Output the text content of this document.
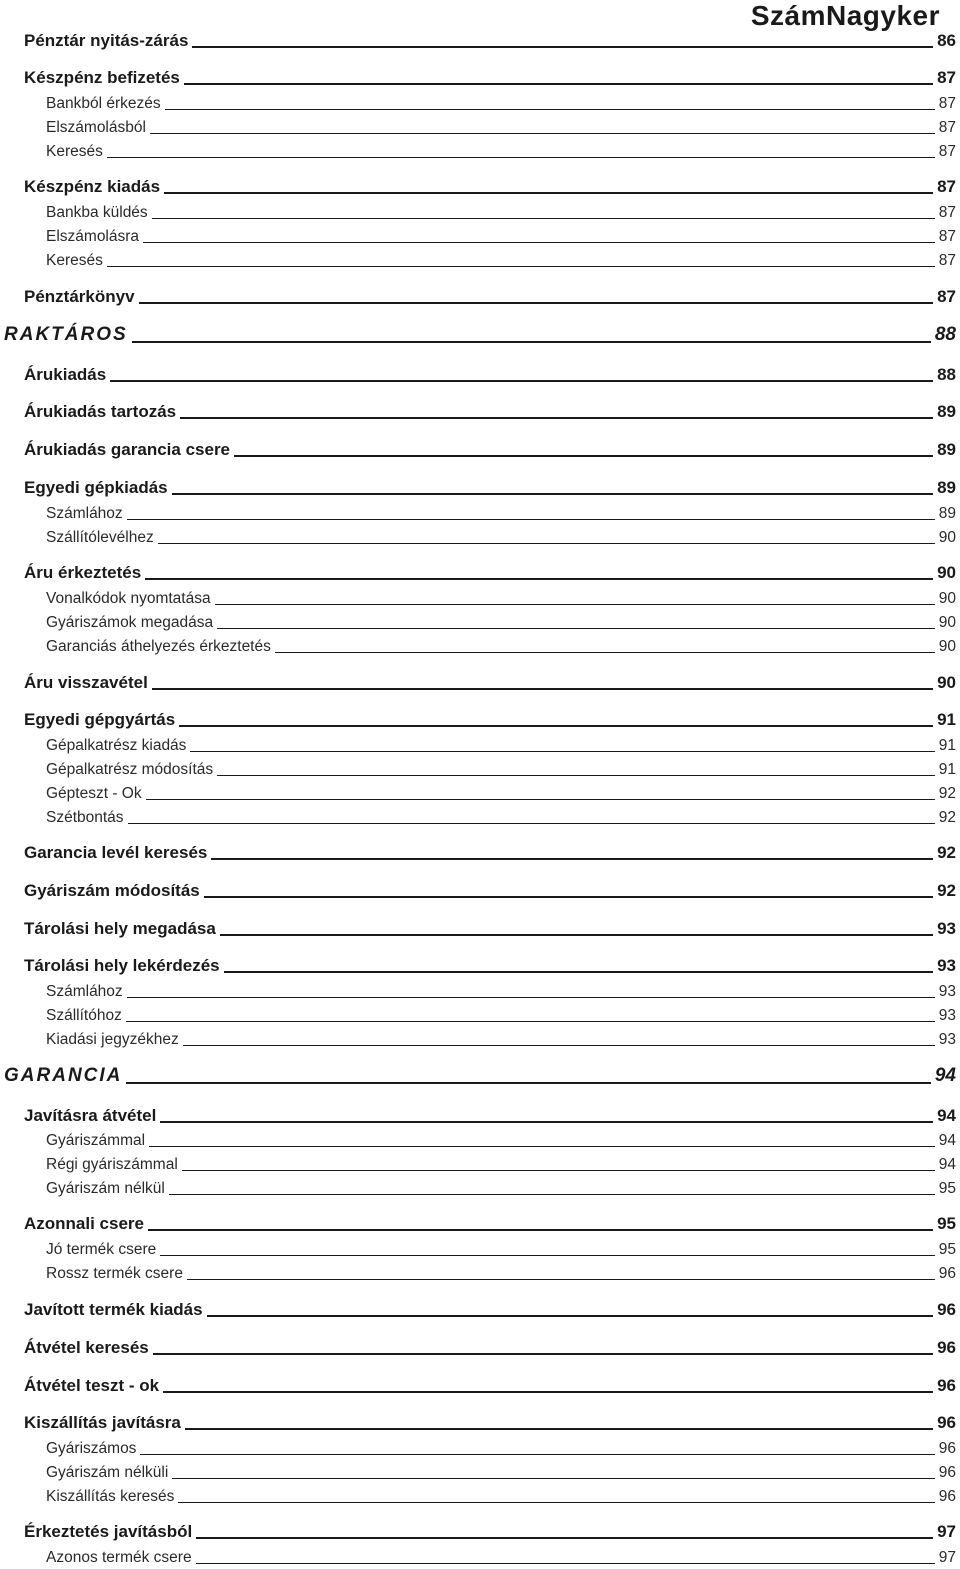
SzámNagyker
Pénztár nyitás-zárás	86
Készpénz befizetés	87
Bankból érkezés	87
Elszámolásból	87
Keresés	87
Készpénz kiadás	87
Bankba küldés	87
Elszámolásra	87
Keresés	87
Pénztárkönyv	87
RAKTÁROS	88
Árukiadás	88
Árukiadás tartozás	89
Árukiadás garancia csere	89
Egyedi gépkiadás	89
Számlához	89
Szállítólevélhez	90
Áru érkeztetés	90
Vonalkódok nyomtatása	90
Gyáriszámok megadása	90
Garanciás áthelyezés érkeztetés	90
Áru visszavétel	90
Egyedi gépgyártás	91
Gépalkatrész kiadás	91
Gépalkatrész módosítás	91
Gépteszt - Ok	92
Szétbontás	92
Garancia levél keresés	92
Gyáriszám módosítás	92
Tárolási hely megadása	93
Tárolási hely lekérdezés	93
Számlához	93
Szállítóhoz	93
Kiadási jegyzékhez	93
GARANCIA	94
Javításra átvétel	94
Gyáriszámmal	94
Régi gyáriszámmal	94
Gyáriszám nélkül	95
Azonnali csere	95
Jó termék csere	95
Rossz termék csere	96
Javított termék kiadás	96
Átvétel keresés	96
Átvétel teszt - ok	96
Kiszállítás javításra	96
Gyáriszámos	96
Gyáriszám nélküli	96
Kiszállítás keresés	96
Érkeztetés javításból	97
Azonos termék csere	97
